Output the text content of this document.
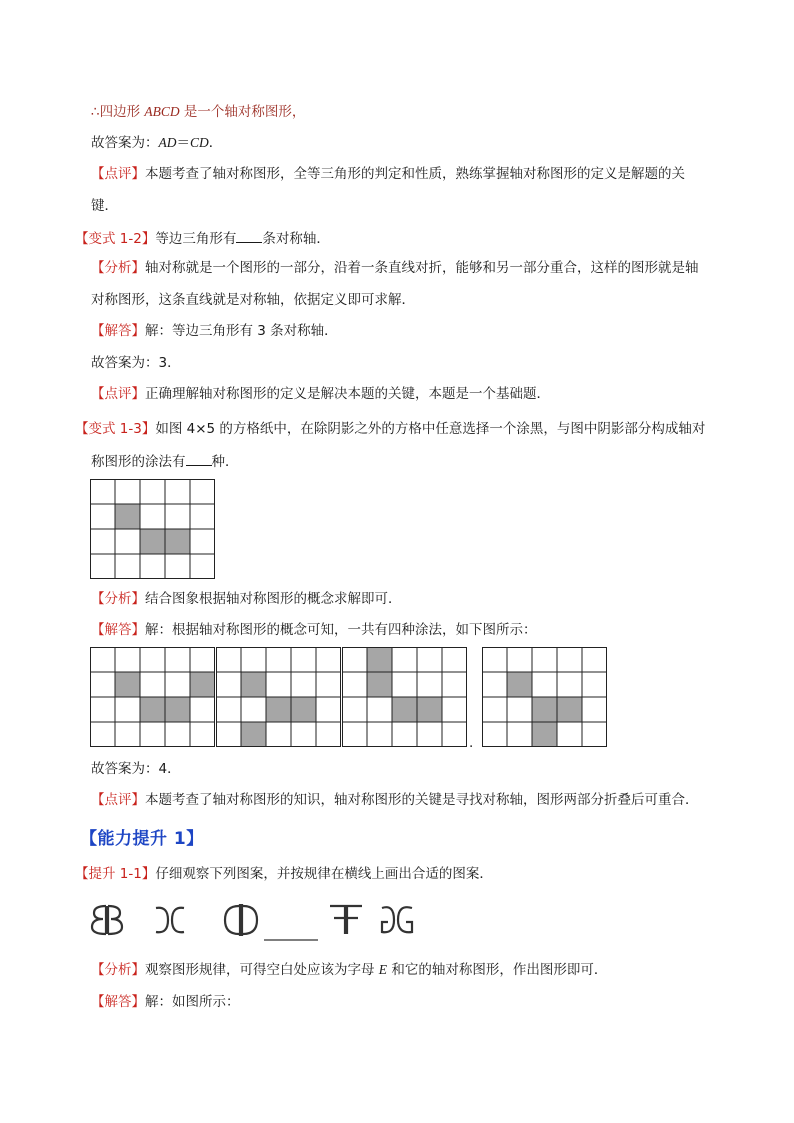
∴四边形 ABCD 是一个轴对称图形，
故答案为：AD＝CD．
【点评】本题考查了轴对称图形，全等三角形的判定和性质，熟练掌握轴对称图形的定义是解题的关
键．
【变式 1-2】等边三角形有 条对称轴．
【分析】轴对称就是一个图形的一部分，沿着一条直线对折，能够和另一部分重合，这样的图形就是轴
对称图形，这条直线就是对称轴，依据定义即可求解．
【解答】解：等边三角形有 3 条对称轴．
故答案为：3．
【点评】正确理解轴对称图形的定义是解决本题的关键，本题是一个基础题．
【变式 1-3】如图 4×5 的方格纸中，在除阴影之外的方格中任意选择一个涂黑，与图中阴影部分构成轴对
称图形的涂法有 种．
【分析】结合图象根据轴对称图形的概念求解即可．
【解答】解：根据轴对称图形的概念可知，一共有四种涂法，如下图所示：
.
故答案为：4．
【点评】本题考查了轴对称图形的知识，轴对称图形的关键是寻找对称轴，图形两部分折叠后可重合．
【能力提升 1】
【提升 1-1】仔细观察下列图案，并按规律在横线上画出合适的图案．
【分析】观察图形规律，可得空白处应该为字母 E 和它的轴对称图形，作出图形即可．
【解答】解：如图所示：
